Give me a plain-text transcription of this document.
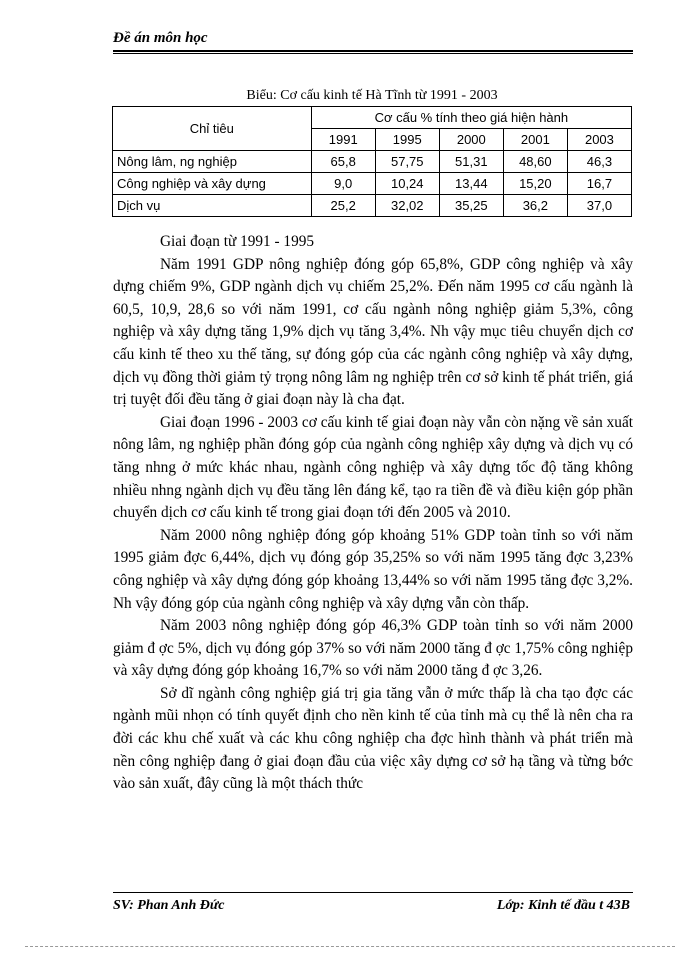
Đề án môn học
Biểu: Cơ cấu kinh tế Hà Tĩnh từ 1991 - 2003
Chỉ tiêu	Cơ cấu % tính theo giá hiện hành				
	1991	1995	2000	2001	2003
Nông lâm, ng nghiệp	65,8	57,75	51,31	48,60	46,3
Công nghiệp và xây dựng	9,0	10,24	13,44	15,20	16,7
Dịch vụ	25,2	32,02	35,25	36,2	37,0

Giai đoạn từ 1991 - 1995

Năm 1991 GDP nông nghiệp đóng góp 65,8%, GDP công nghiệp và xây dựng chiếm 9%, GDP ngành dịch vụ chiếm 25,2%. Đến năm 1995 cơ cấu ngành là 60,5, 10,9, 28,6 so với năm 1991, cơ cấu ngành nông nghiệp giảm 5,3%, công nghiệp và xây dựng tăng 1,9% dịch vụ tăng 3,4%. Nh vậy mục tiêu chuyển dịch cơ cấu kinh tế theo xu thế tăng, sự đóng góp của các ngành công nghiệp và xây dựng, dịch vụ đồng thời giảm tỷ trọng nông lâm ng nghiệp trên cơ sở kinh tế phát triển, giá trị tuyệt đối đều tăng ở giai đoạn này là cha đạt.

Giai đoạn 1996 - 2003 cơ cấu kinh tế giai đoạn này vẫn còn nặng về sản xuất nông lâm, ng nghiệp phần đóng góp của ngành công nghiệp xây dựng và dịch vụ có tăng nhng ở mức khác nhau, ngành công nghiệp và xây dựng tốc độ tăng không nhiều nhng ngành dịch vụ đều tăng lên đáng kể, tạo ra tiền đề và điều kiện góp phần chuyển dịch cơ cấu kinh tế trong giai đoạn tới đến 2005 và 2010.

Năm 2000 nông nghiệp đóng góp khoảng 51% GDP toàn tỉnh so với năm 1995 giảm đợc 6,44%, dịch vụ đóng góp 35,25% so với năm 1995 tăng đợc 3,23% công nghiệp và xây dựng đóng góp khoảng 13,44% so với năm 1995 tăng đợc 3,2%. Nh vậy đóng góp của ngành công nghiệp và xây dựng vẫn còn thấp.

Năm 2003 nông nghiệp đóng góp 46,3% GDP toàn tỉnh so với năm 2000 giảm đ ợc 5%, dịch vụ đóng góp 37% so với năm 2000 tăng đ ợc 1,75% công nghiệp và xây dựng đóng góp khoảng 16,7% so với năm 2000 tăng đ ợc 3,26.

Sở dĩ ngành công nghiệp giá trị gia tăng vẫn ở mức thấp là cha tạo đợc các ngành mũi nhọn có tính quyết định cho nền kinh tế của tỉnh mà cụ thể là nên cha ra đời các khu chế xuất và các khu công nghiệp cha đợc hình thành và phát triển mà nền công nghiệp đang ở giai đoạn đầu của việc xây dựng cơ sở hạ tầng và từng bớc vào sản xuất, đây cũng là một thách thức

SV: Phan Anh Đức	Lớp: Kinh tế đầu t 43B
